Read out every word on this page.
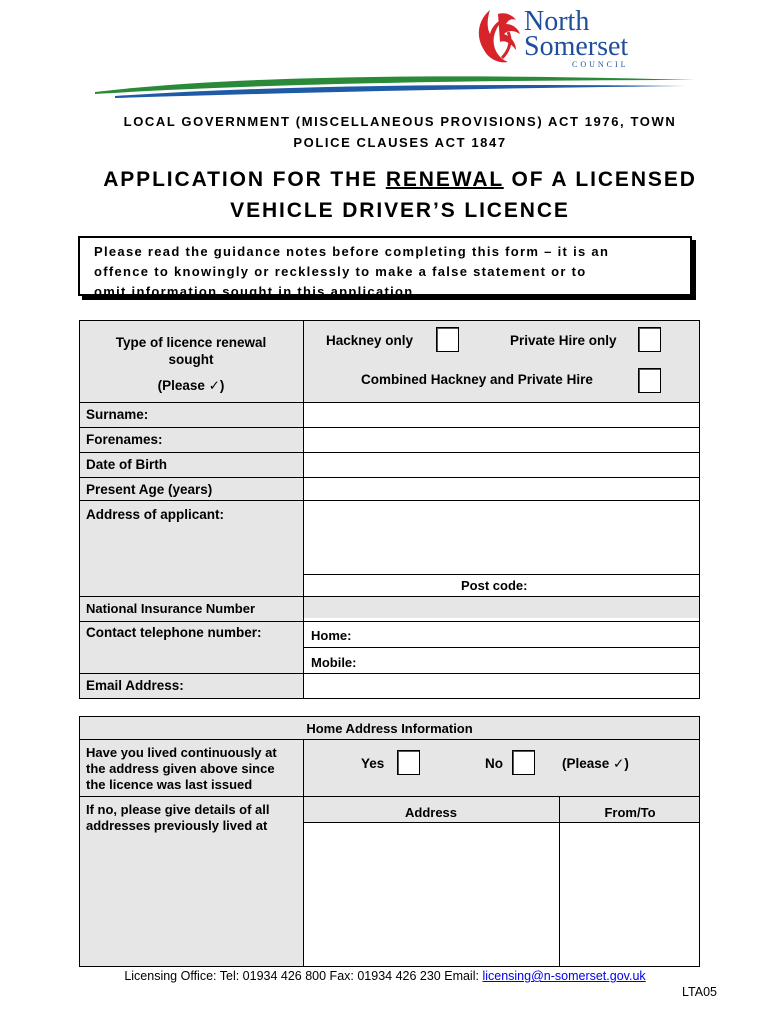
North
Somerset
COUNCIL
LOCAL GOVERNMENT (MISCELLANEOUS PROVISIONS) ACT 1976, TOWN
POLICE CLAUSES ACT 1847
APPLICATION FOR THE RENEWAL OF A LICENSED
VEHICLE DRIVER’S LICENCE
Please read the guidance notes before completing this form – it is an
offence to knowingly or recklessly to make a false statement or to
omit information sought in this application.
Type of licence renewal
sought
(Please ✓)
Hackney only	Private Hire only
Combined Hackney and Private Hire
Surname:
Forenames:
Date of Birth
Present Age (years)
Address of applicant:
Post code:
National Insurance Number
Contact telephone number:	Home:
Mobile:
Email Address:
Home Address Information
Have you lived continuously at
the address given above since
the licence was last issued
Yes	No	(Please ✓)
If no, please give details of all
addresses previously lived at
Address	From/To
Licensing Office: Tel: 01934 426 800 Fax: 01934 426 230 Email: licensing@n-somerset.gov.uk
LTA05
